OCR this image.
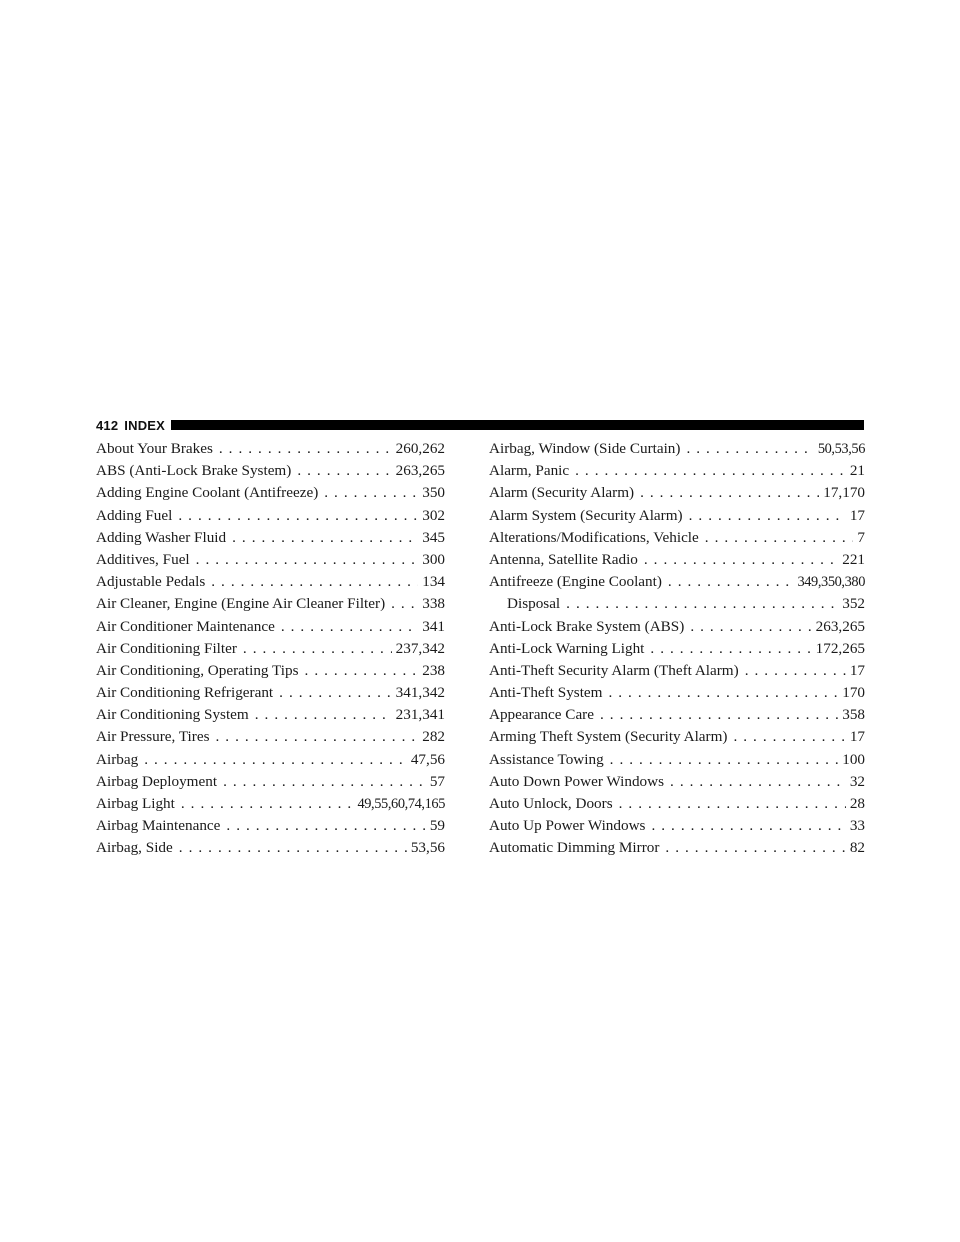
412 INDEX
About Your Brakes . . .	260,262
ABS (Anti-Lock Brake System) . . .	263,265
Adding Engine Coolant (Antifreeze) . . .	350
Adding Fuel . . .	302
Adding Washer Fluid . . .	345
Additives, Fuel . . .	300
Adjustable Pedals . . .	134
Air Cleaner, Engine (Engine Air Cleaner Filter) . . . 338
Air Conditioner Maintenance . . .	341
Air Conditioning Filter . . .	237,342
Air Conditioning, Operating Tips . . .	238
Air Conditioning Refrigerant . . .	341,342
Air Conditioning System . . .	231,341
Air Pressure, Tires . . .	282
Airbag . . .	47,56
Airbag Deployment . . .	57
Airbag Light . . .	49,55,60,74,165
Airbag Maintenance . . .	59
Airbag, Side . . .	53,56
Airbag, Window (Side Curtain) . . .	50,53,56
Alarm, Panic . . .	21
Alarm (Security Alarm) . . .	17,170
Alarm System (Security Alarm) . . .	17
Alterations/Modifications, Vehicle . . .	7
Antenna, Satellite Radio . . .	221
Antifreeze (Engine Coolant) . . .	349,350,380
Disposal . . .	352
Anti-Lock Brake System (ABS) . . .	263,265
Anti-Lock Warning Light . . .	172,265
Anti-Theft Security Alarm (Theft Alarm) . . .	17
Anti-Theft System . . .	170
Appearance Care . . .	358
Arming Theft System (Security Alarm) . . .	17
Assistance Towing . . .	100
Auto Down Power Windows . . .	32
Auto Unlock, Doors . . .	28
Auto Up Power Windows . . .	33
Automatic Dimming Mirror . . .	82
